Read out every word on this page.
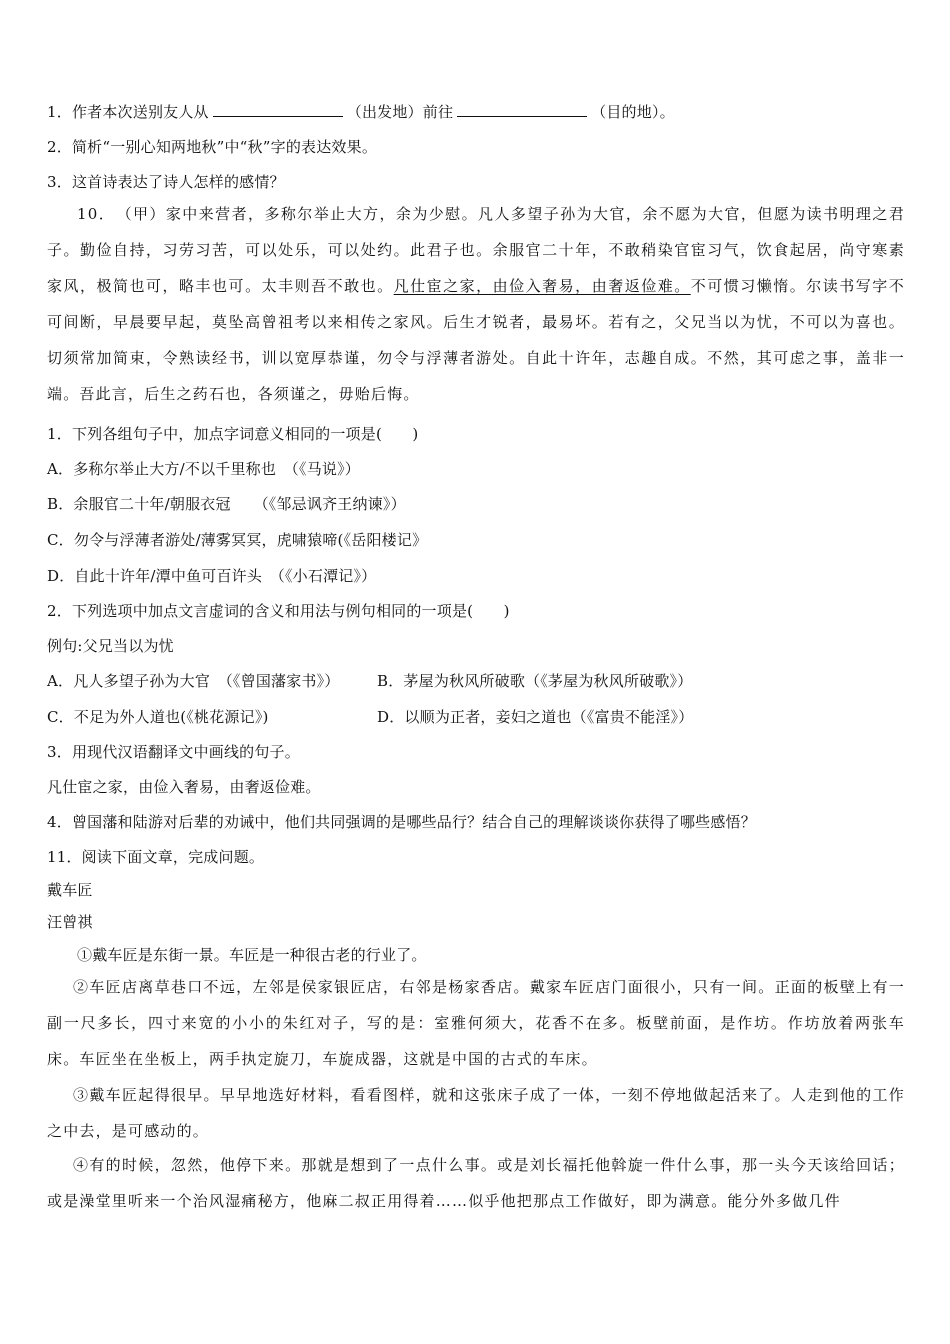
1．作者本次送别友人从	（出发地）前往	（目的地）。
2．简析“一别心知两地秋”中“秋”字的表达效果。
3．这首诗表达了诗人怎样的感情？
10．　（甲）家中来营者，多称尔举止大方，余为少慰。凡人多望子孙为大官，余不愿为大官，但愿为读书明理之君子。勤俭自持，习劳习苦，可以处乐，可以处约。此君子也。余服官二十年，不敢稍染官宦习气，饮食起居，尚守寒素家风，极简也可，略丰也可。太丰则吾不敢也。凡仕宦之家，由俭入奢易，由奢返俭难。不可惯习懒惰。尔读书写字不可间断，早晨要早起，莫坠高曾祖考以来相传之家风。后生才锐者，最易坏。若有之，父兄当以为忧，不可以为喜也。切须常加简束，令熟读经书，训以宽厚恭谨，勿令与浮薄者游处。自此十许年，志趣自成。不然，其可虑之事，盖非一端。吾此言，后生之药石也，各须谨之，毋贻后悔。
1．下列各组句子中，加点字词意义相同的一项是(　　)
A．多称尔举止大方/不以千里称也　（《马说》）
B．余服官二十年/朝服衣冠　　（《邹忌讽齐王纳谏》）
C．勿令与浮薄者游处/薄雾冥冥，虎啸猿啼(《岳阳楼记》
D．自此十许年/潭中鱼可百许头　（《小石潭记》）
2．下列选项中加点文言虚词的含义和用法与例句相同的一项是(　　)
例句:父兄当以为忧
A．凡人多望子孙为大官　（《曾国藩家书》） B．茅屋为秋风所破歌（《茅屋为秋风所破歌》）
C．不足为外人道也(《桃花源记》)	D．以顺为正者，妾妇之道也（《富贵不能淫》）
3．用现代汉语翻译文中画线的句子。
凡仕宦之家，由俭入奢易，由奢返俭难。
4．曾国藩和陆游对后辈的劝诫中，他们共同强调的是哪些品行？结合自己的理解谈谈你获得了哪些感悟？
11．阅读下面文章，完成问题。
戴车匠
汪曾祺
①戴车匠是东街一景。车匠是一种很古老的行业了。
②车匠店离草巷口不远，左邻是侯家银匠店，右邻是杨家香店。戴家车匠店门面很小，只有一间。正面的板壁上有一副一尺多长，四寸来宽的小小的朱红对子，写的是：室雅何须大，花香不在多。板壁前面，是作坊。作坊放着两张车床。车匠坐在坐板上，两手执定旋刀，车旋成器，这就是中国的古式的车床。
③戴车匠起得很早。早早地选好材料，看看图样，就和这张床子成了一体，一刻不停地做起活来了。人走到他的工作之中去，是可感动的。
④有的时候，忽然，他停下来。那就是想到了一点什么事。或是刘长福托他斡旋一件什么事，那一头今天该给回话；或是澡堂里听来一个治风湿痛秘方，他麻二叔正用得着……似乎他把那点工作做好，即为满意。能分外多做几件
